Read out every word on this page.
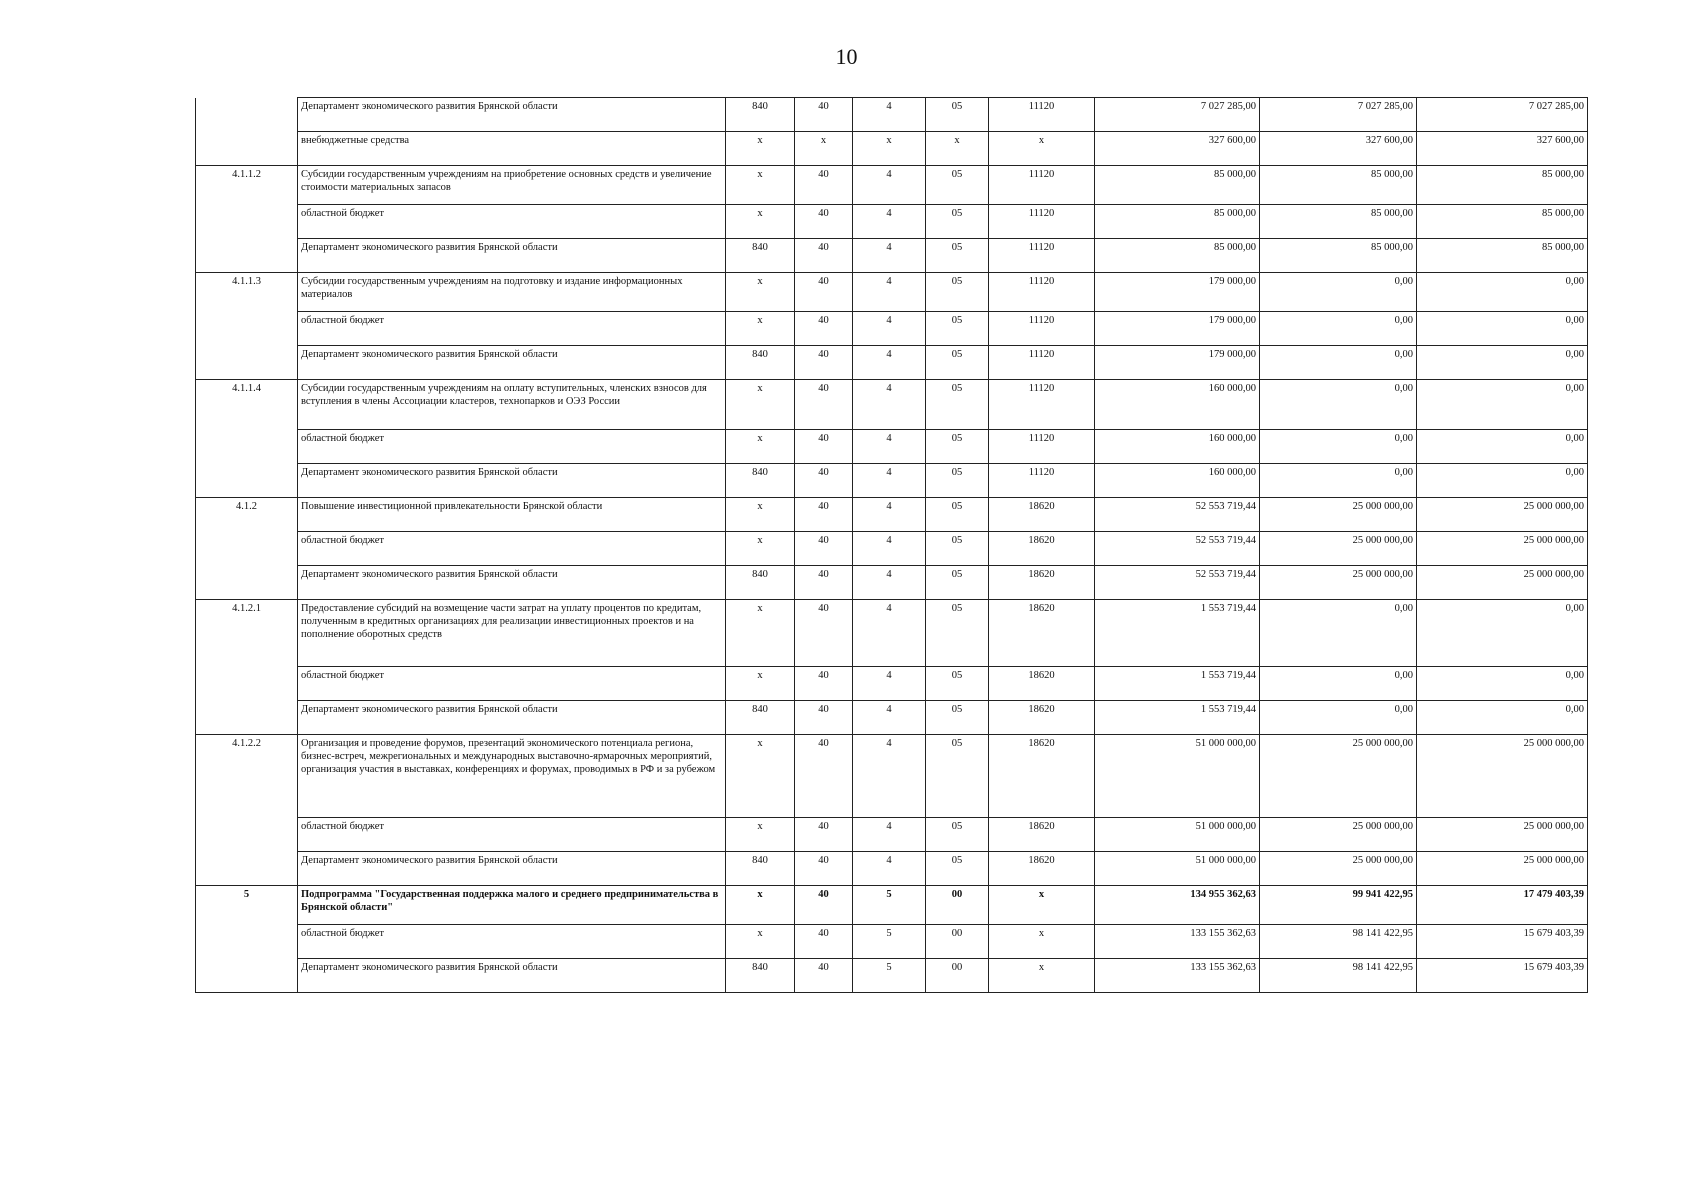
10
	Департамент экономического развития Брянской области	840	40	4	05	11120	7 027 285,00	7 027 285,00	7 027 285,00
	внебюджетные средства	x	x	x	x	x	327 600,00	327 600,00	327 600,00
4.1.1.2	Субсидии государственным учреждениям на приобретение основных средств и увеличение стоимости материальных запасов	x	40	4	05	11120	85 000,00	85 000,00	85 000,00
	областной бюджет	x	40	4	05	11120	85 000,00	85 000,00	85 000,00
	Департамент экономического развития Брянской области	840	40	4	05	11120	85 000,00	85 000,00	85 000,00
4.1.1.3	Субсидии государственным учреждениям на подготовку и издание информационных материалов	x	40	4	05	11120	179 000,00	0,00	0,00
	областной бюджет	x	40	4	05	11120	179 000,00	0,00	0,00
	Департамент экономического развития Брянской области	840	40	4	05	11120	179 000,00	0,00	0,00
4.1.1.4	Субсидии государственным учреждениям на оплату вступительных, членских взносов для вступления в члены Ассоциации кластеров, технопарков и ОЭЗ России	x	40	4	05	11120	160 000,00	0,00	0,00
	областной бюджет	x	40	4	05	11120	160 000,00	0,00	0,00
	Департамент экономического развития Брянской области	840	40	4	05	11120	160 000,00	0,00	0,00
4.1.2	Повышение инвестиционной привлекательности Брянской области	x	40	4	05	18620	52 553 719,44	25 000 000,00	25 000 000,00
	областной бюджет	x	40	4	05	18620	52 553 719,44	25 000 000,00	25 000 000,00
	Департамент экономического развития Брянской области	840	40	4	05	18620	52 553 719,44	25 000 000,00	25 000 000,00
4.1.2.1	Предоставление субсидий на возмещение части затрат на уплату процентов по кредитам, полученным в кредитных организациях для реализации инвестиционных проектов и на пополнение оборотных средств	x	40	4	05	18620	1 553 719,44	0,00	0,00
	областной бюджет	x	40	4	05	18620	1 553 719,44	0,00	0,00
	Департамент экономического развития Брянской области	840	40	4	05	18620	1 553 719,44	0,00	0,00
4.1.2.2	Организация и проведение форумов, презентаций экономического потенциала региона, бизнес-встреч, межрегиональных и международных выставочно-ярмарочных мероприятий, организация участия в выставках, конференциях и форумах, проводимых в РФ и за рубежом	x	40	4	05	18620	51 000 000,00	25 000 000,00	25 000 000,00
	областной бюджет	x	40	4	05	18620	51 000 000,00	25 000 000,00	25 000 000,00
	Департамент экономического развития Брянской области	840	40	4	05	18620	51 000 000,00	25 000 000,00	25 000 000,00
5	Подпрограмма "Государственная поддержка малого и среднего предпринимательства в Брянской области"	x	40	5	00	x	134 955 362,63	99 941 422,95	17 479 403,39
	областной бюджет	x	40	5	00	x	133 155 362,63	98 141 422,95	15 679 403,39
	Департамент экономического развития Брянской области	840	40	5	00	x	133 155 362,63	98 141 422,95	15 679 403,39
